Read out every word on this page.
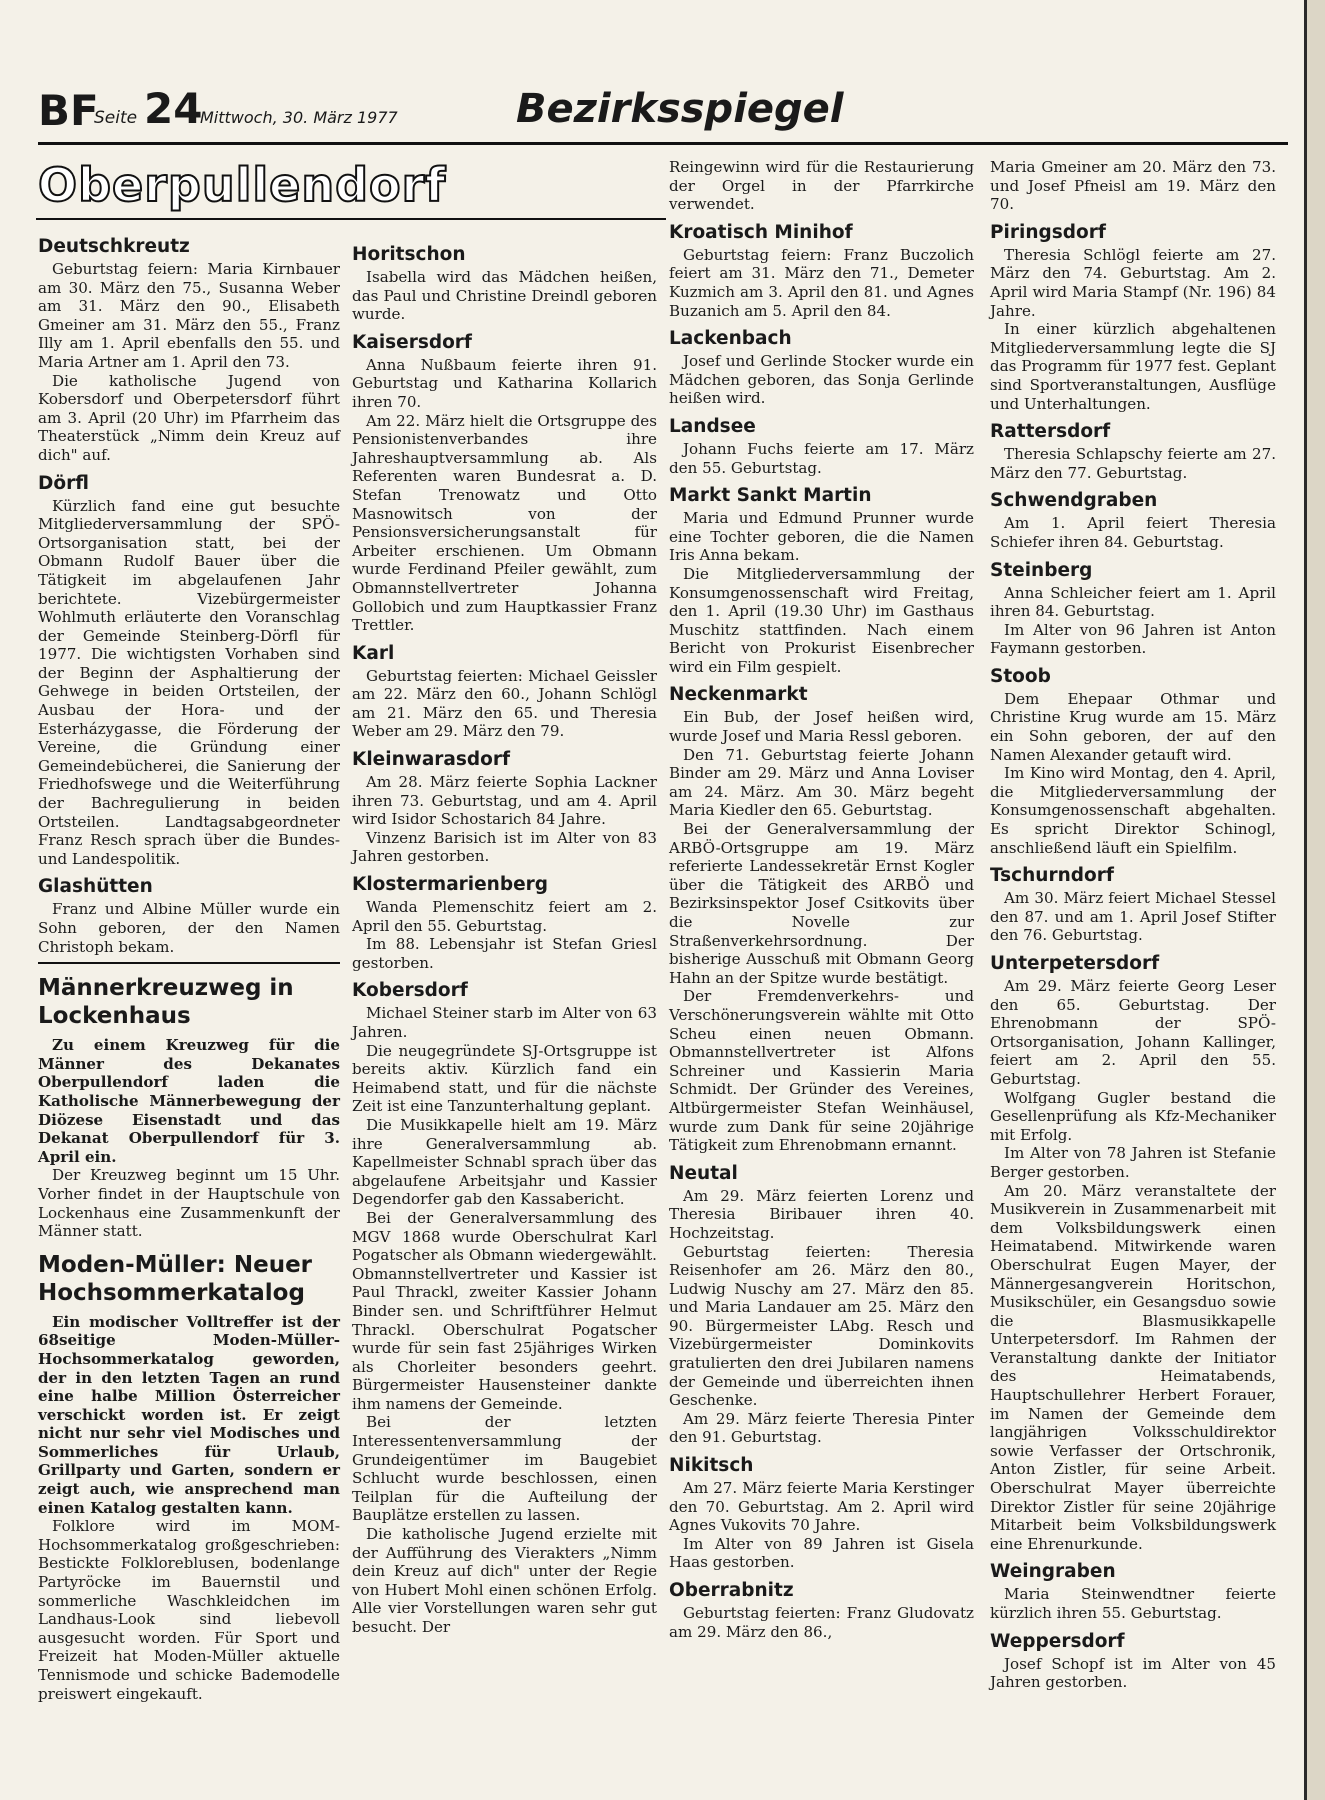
BF
Seite 24
Mittwoch, 30. März 1977	Bezirksspiegel
Oberpullendorf
Deutschkreutz

Geburtstag feiern: Maria Kirnbauer am 30. März den 75., Susanna Weber am 31. März den 90., Elisabeth Gmeiner am 31. März den 55., Franz Illy am 1. April ebenfalls den 55. und Maria Artner am 1. April den 73.

Die katholische Jugend von Kobersdorf und Oberpetersdorf führt am 3. April (20 Uhr) im Pfarrheim das Theaterstück „Nimm dein Kreuz auf dich" auf.

Dörfl

Kürzlich fand eine gut besuchte Mitgliederversammlung der SPÖ-Ortsorganisation statt, bei der Obmann Rudolf Bauer über die Tätigkeit im abgelaufenen Jahr berichtete. Vizebürgermeister Wohlmuth erläuterte den Voranschlag der Gemeinde Steinberg-Dörfl für 1977. Die wichtigsten Vorhaben sind der Beginn der Asphaltierung der Gehwege in beiden Ortsteilen, der Ausbau der Hora- und der Esterházygasse, die Förderung der Vereine, die Gründung einer Gemeindebücherei, die Sanierung der Friedhofswege und die Weiterführung der Bachregulierung in beiden Ortsteilen. Landtagsabgeordneter Franz Resch sprach über die Bundes- und Landespolitik.

Glashütten

Franz und Albine Müller wurde ein Sohn geboren, der den Namen Christoph bekam.

Männerkreuzweg in Lockenhaus

Zu einem Kreuzweg für die Männer des Dekanates Oberpullendorf laden die Katholische Männerbewegung der Diözese Eisenstadt und das Dekanat Oberpullendorf für 3. April ein.

Der Kreuzweg beginnt um 15 Uhr. Vorher findet in der Hauptschule von Lockenhaus eine Zusammenkunft der Männer statt.

Moden-Müller: Neuer Hochsommerkatalog

Ein modischer Volltreffer ist der 68seitige Moden-Müller-Hochsommerkatalog geworden, der in den letzten Tagen an rund eine halbe Million Österreicher verschickt worden ist. Er zeigt nicht nur sehr viel Modisches und Sommerliches für Urlaub, Grillparty und Garten, sondern er zeigt auch, wie ansprechend man einen Katalog gestalten kann.

Folklore wird im MOM-Hochsommerkatalog großgeschrieben: Bestickte Folkloreblusen, bodenlange Partyröcke im Bauernstil und sommerliche Waschkleidchen im Landhaus-Look sind liebevoll ausgesucht worden. Für Sport und Freizeit hat Moden-Müller aktuelle Tennismode und schicke Bademodelle preiswert eingekauft.

Horitschon

Isabella wird das Mädchen heißen, das Paul und Christine Dreindl geboren wurde.

Kaisersdorf

Anna Nußbaum feierte ihren 91. Geburtstag und Katharina Kollarich ihren 70.

Am 22. März hielt die Ortsgruppe des Pensionistenverbandes ihre Jahreshauptversammlung ab. Als Referenten waren Bundesrat a. D. Stefan Trenowatz und Otto Masnowitsch von der Pensionsversicherungsanstalt für Arbeiter erschienen. Um Obmann wurde Ferdinand Pfeiler gewählt, zum Obmannstellvertreter Johanna Gollobich und zum Hauptkassier Franz Trettler.

Karl

Geburtstag feierten: Michael Geissler am 22. März den 60., Johann Schlögl am 21. März den 65. und Theresia Weber am 29. März den 79.

Kleinwarasdorf

Am 28. März feierte Sophia Lackner ihren 73. Geburtstag, und am 4. April wird Isidor Schostarich 84 Jahre.

Vinzenz Barisich ist im Alter von 83 Jahren gestorben.

Klostermarienberg

Wanda Plemenschitz feiert am 2. April den 55. Geburtstag.

Im 88. Lebensjahr ist Stefan Griesl gestorben.

Kobersdorf

Michael Steiner starb im Alter von 63 Jahren.

Die neugegründete SJ-Ortsgruppe ist bereits aktiv. Kürzlich fand ein Heimabend statt, und für die nächste Zeit ist eine Tanzunterhaltung geplant.

Die Musikkapelle hielt am 19. März ihre Generalversammlung ab. Kapellmeister Schnabl sprach über das abgelaufene Arbeitsjahr und Kassier Degendorfer gab den Kassabericht.

Bei der Generalversammlung des MGV 1868 wurde Oberschulrat Karl Pogatscher als Obmann wiedergewählt. Obmannstellvertreter und Kassier ist Paul Thrackl, zweiter Kassier Johann Binder sen. und Schriftführer Helmut Thrackl. Oberschulrat Pogatscher wurde für sein fast 25jähriges Wirken als Chorleiter besonders geehrt. Bürgermeister Hausensteiner dankte ihm namens der Gemeinde.

Bei der letzten Interessentenversammlung der Grundeigentümer im Baugebiet Schlucht wurde beschlossen, einen Teilplan für die Aufteilung der Bauplätze erstellen zu lassen.

Die katholische Jugend erzielte mit der Aufführung des Vierakters „Nimm dein Kreuz auf dich" unter der Regie von Hubert Mohl einen schönen Erfolg. Alle vier Vorstellungen waren sehr gut besucht. Der

Reingewinn wird für die Restaurierung der Orgel in der Pfarrkirche verwendet.

Kroatisch Minihof

Geburtstag feiern: Franz Buczolich feiert am 31. März den 71., Demeter Kuzmich am 3. April den 81. und Agnes Buzanich am 5. April den 84.

Lackenbach

Josef und Gerlinde Stocker wurde ein Mädchen geboren, das Sonja Gerlinde heißen wird.

Landsee

Johann Fuchs feierte am 17. März den 55. Geburtstag.

Markt Sankt Martin

Maria und Edmund Prunner wurde eine Tochter geboren, die die Namen Iris Anna bekam.

Die Mitgliederversammlung der Konsumgenossenschaft wird Freitag, den 1. April (19.30 Uhr) im Gasthaus Muschitz stattfinden. Nach einem Bericht von Prokurist Eisenbrecher wird ein Film gespielt.

Neckenmarkt

Ein Bub, der Josef heißen wird, wurde Josef und Maria Ressl geboren.

Den 71. Geburtstag feierte Johann Binder am 29. März und Anna Loviser am 24. März. Am 30. März begeht Maria Kiedler den 65. Geburtstag.

Bei der Generalversammlung der ARBÖ-Ortsgruppe am 19. März referierte Landessekretär Ernst Kogler über die Tätigkeit des ARBÖ und Bezirksinspektor Josef Csitkovits über die Novelle zur Straßenverkehrsordnung. Der bisherige Ausschuß mit Obmann Georg Hahn an der Spitze wurde bestätigt.

Der Fremdenverkehrs- und Verschönerungsverein wählte mit Otto Scheu einen neuen Obmann. Obmannstellvertreter ist Alfons Schreiner und Kassierin Maria Schmidt. Der Gründer des Vereines, Altbürgermeister Stefan Weinhäusel, wurde zum Dank für seine 20jährige Tätigkeit zum Ehrenobmann ernannt.

Neutal

Am 29. März feierten Lorenz und Theresia Biribauer ihren 40. Hochzeitstag.

Geburtstag feierten: Theresia Reisenhofer am 26. März den 80., Ludwig Nuschy am 27. März den 85. und Maria Landauer am 25. März den 90. Bürgermeister LAbg. Resch und Vizebürgermeister Dominkovits gratulierten den drei Jubilaren namens der Gemeinde und überreichten ihnen Geschenke.

Am 29. März feierte Theresia Pinter den 91. Geburtstag.

Nikitsch

Am 27. März feierte Maria Kerstinger den 70. Geburtstag. Am 2. April wird Agnes Vukovits 70 Jahre.

Im Alter von 89 Jahren ist Gisela Haas gestorben.

Oberrabnitz

Geburtstag feierten: Franz Gludovatz am 29. März den 86.,

Maria Gmeiner am 20. März den 73. und Josef Pfneisl am 19. März den 70.

Piringsdorf

Theresia Schlögl feierte am 27. März den 74. Geburtstag. Am 2. April wird Maria Stampf (Nr. 196) 84 Jahre.

In einer kürzlich abgehaltenen Mitgliederversammlung legte die SJ das Programm für 1977 fest. Geplant sind Sportveranstaltungen, Ausflüge und Unterhaltungen.

Rattersdorf

Theresia Schlapschy feierte am 27. März den 77. Geburtstag.

Schwendgraben

Am 1. April feiert Theresia Schiefer ihren 84. Geburtstag.

Steinberg

Anna Schleicher feiert am 1. April ihren 84. Geburtstag.

Im Alter von 96 Jahren ist Anton Faymann gestorben.

Stoob

Dem Ehepaar Othmar und Christine Krug wurde am 15. März ein Sohn geboren, der auf den Namen Alexander getauft wird.

Im Kino wird Montag, den 4. April, die Mitgliederversammlung der Konsumgenossenschaft abgehalten. Es spricht Direktor Schinogl, anschließend läuft ein Spielfilm.

Tschurndorf

Am 30. März feiert Michael Stessel den 87. und am 1. April Josef Stifter den 76. Geburtstag.

Unterpetersdorf

Am 29. März feierte Georg Leser den 65. Geburtstag. Der Ehrenobmann der SPÖ-Ortsorganisation, Johann Kallinger, feiert am 2. April den 55. Geburtstag.

Wolfgang Gugler bestand die Gesellenprüfung als Kfz-Mechaniker mit Erfolg.

Im Alter von 78 Jahren ist Stefanie Berger gestorben.

Am 20. März veranstaltete der Musikverein in Zusammenarbeit mit dem Volksbildungswerk einen Heimatabend. Mitwirkende waren Oberschulrat Eugen Mayer, der Männergesangverein Horitschon, Musikschüler, ein Gesangsduo sowie die Blasmusikkapelle Unterpetersdorf. Im Rahmen der Veranstaltung dankte der Initiator des Heimatabends, Hauptschullehrer Herbert Forauer, im Namen der Gemeinde dem langjährigen Volksschuldirektor sowie Verfasser der Ortschronik, Anton Zistler, für seine Arbeit. Oberschulrat Mayer überreichte Direktor Zistler für seine 20jährige Mitarbeit beim Volksbildungswerk eine Ehrenurkunde.

Weingraben

Maria Steinwendtner feierte kürzlich ihren 55. Geburtstag.

Weppersdorf

Josef Schopf ist im Alter von 45 Jahren gestorben.
